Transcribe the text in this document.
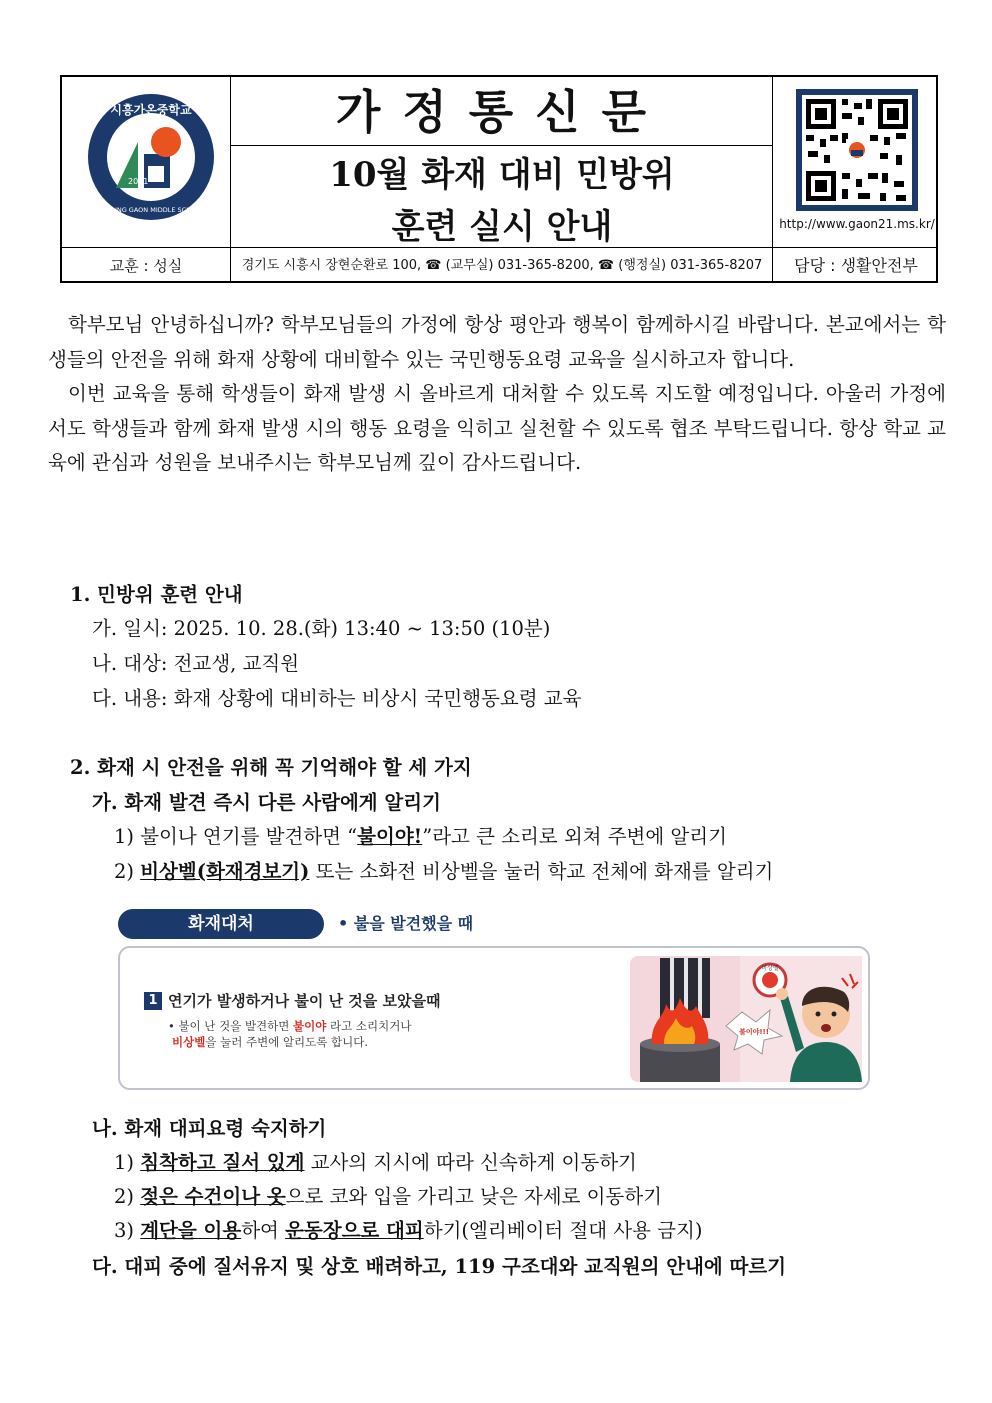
2021
시흥가온중학교
SIHEUNG GAON MIDDLE SCHOOL
가정통신문
10월 화재 대비 민방위
훈련 실시 안내	http://www.gaon21.ms.kr/
교훈 : 성실	경기도 시흥시 장현순환로 100, ☎ (교무실) 031-365-8200, ☎ (행정실) 031-365-8207	담당 : 생활안전부

학부모님 안녕하십니까? 학부모님들의 가정에 항상 평안과 행복이 함께하시길 바랍니다. 본교에서는 학생들의 안전을 위해 화재 상황에 대비할수 있는 국민행동요령 교육을 실시하고자 합니다.

이번 교육을 통해 학생들이 화재 발생 시 올바르게 대처할 수 있도록 지도할 예정입니다. 아울러 가정에서도 학생들과 함께 화재 발생 시의 행동 요령을 익히고 실천할 수 있도록 협조 부탁드립니다. 항상 학교 교육에 관심과 성원을 보내주시는 학부모님께 깊이 감사드립니다.

1. 민방위 훈련 안내
가. 일시: 2025. 10. 28.(화) 13:40 ~ 13:50 (10분)
나. 대상: 전교생, 교직원
다. 내용: 화재 상황에 대비하는 비상시 국민행동요령 교육
2. 화재 시 안전을 위해 꼭 기억해야 할 세 가지
가. 화재 발견 즉시 다른 사람에게 알리기
1) 불이나 연기를 발견하면 “불이야!”라고 큰 소리로 외쳐 주변에 알리기
2) 비상벨(화재경보기) 또는 소화전 비상벨을 눌러 학교 전체에 화재를 알리기
화재대처	• 불을 발견했을 때
1 연기가 발생하거나 불이 난 것을 보았을때
• 불이 난 것을 발견하면 불이야 라고 소리치거나
비상벨을 눌러 주변에 알리도록 합니다.
비상벨
불이야!!!
나. 화재 대피요령 숙지하기
1) 침착하고 질서 있게 교사의 지시에 따라 신속하게 이동하기
2) 젖은 수건이나 옷으로 코와 입을 가리고 낮은 자세로 이동하기
3) 계단을 이용하여 운동장으로 대피하기(엘리베이터 절대 사용 금지)
다. 대피 중에 질서유지 및 상호 배려하고, 119 구조대와 교직원의 안내에 따르기
